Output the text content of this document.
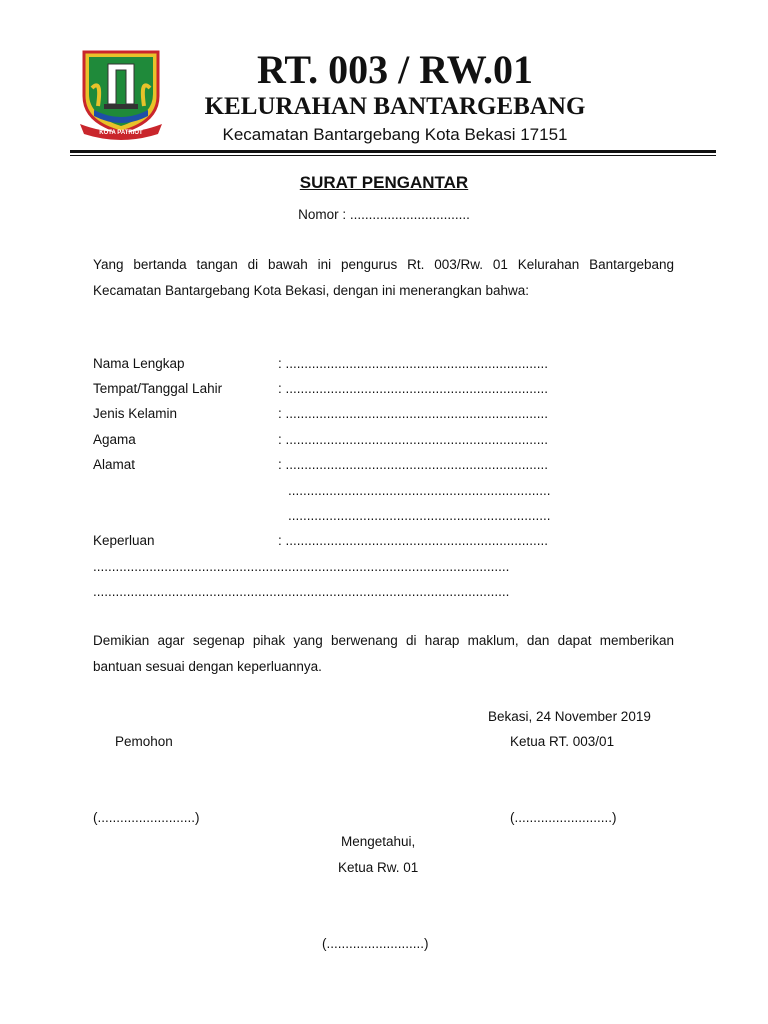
KOTA PATRIOT
RT. 003 / RW.01
KELURAHAN BANTARGEBANG
Kecamatan Bantargebang Kota Bekasi 17151
SURAT PENGANTAR
Nomor : ................................
Yang bertanda tangan di bawah ini pengurus Rt. 003/Rw. 01 Kelurahan Bantargebang Kecamatan Bantargebang Kota Bekasi, dengan ini menerangkan bahwa:
Nama Lengkap	: ......................................................................
Tempat/Tanggal Lahir	: ......................................................................
Jenis Kelamin	: ......................................................................
Agama	: ......................................................................
Alamat	: ......................................................................
......................................................................
......................................................................
Keperluan	: ......................................................................
...............................................................................................................
...............................................................................................................
Demikian agar segenap pihak yang berwenang di harap maklum, dan dapat memberikan bantuan sesuai dengan keperluannya.
Bekasi, 24 November 2019
Pemohon	Ketua RT. 003/01
(..........................)	(..........................)
Mengetahui,
Ketua Rw. 01
(..........................)
